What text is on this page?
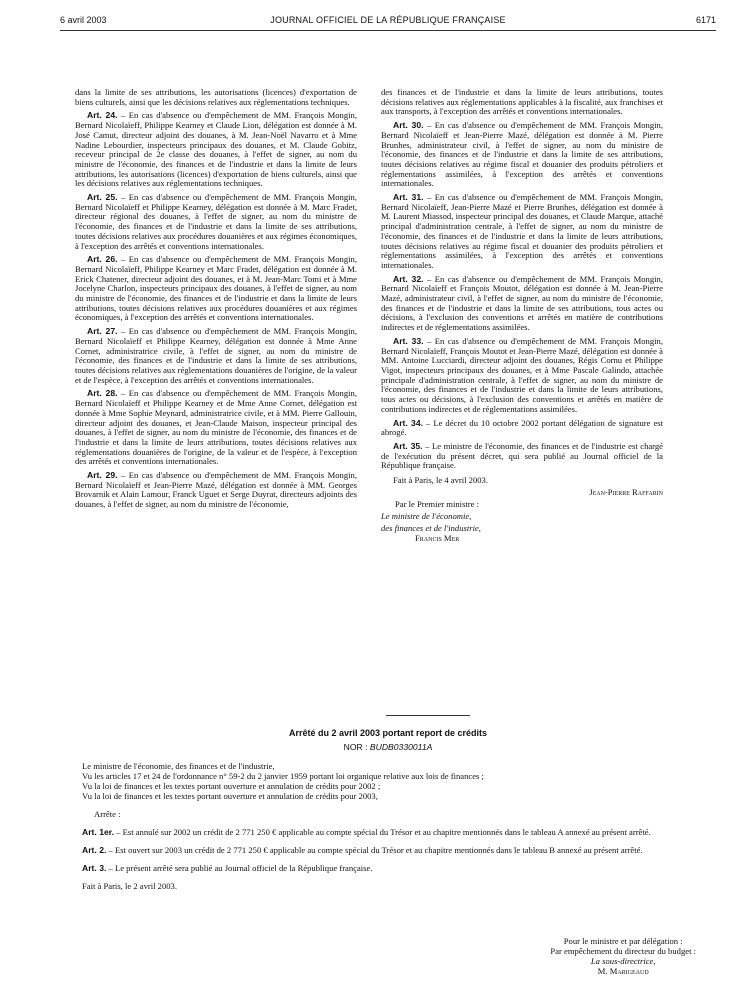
6 avril 2003	JOURNAL OFFICIEL DE LA RÉPUBLIQUE FRANÇAISE	6171

dans la limite de ses attributions, les autorisations (licences) d'exportation de biens culturels, ainsi que les décisions relatives aux réglementations techniques.

Art. 24. – En cas d'absence ou d'empêchement de MM. François Mongin, Bernard Nicolaïeff, Philippe Kearney et Claude Lion, délégation est donnée à M. José Camut, directeur adjoint des douanes, à M. Jean-Noël Navarro et à Mme Nadine Lebourdier, inspecteurs principaux des douanes, et M. Claude Gobitz, receveur principal de 2e classe des douanes, à l'effet de signer, au nom du ministre de l'économie, des finances et de l'industrie et dans la limite de leurs attributions, les autorisations (licences) d'exportation de biens culturels, ainsi que les décisions relatives aux réglementations techniques.

Art. 25. – En cas d'absence ou d'empêchement de MM. François Mongin, Bernard Nicolaïeff et Philippe Kearney, délégation est donnée à M. Marc Fradet, directeur régional des douanes, à l'effet de signer, au nom du ministre de l'économie, des finances et de l'industrie et dans la limite de ses attributions, toutes décisions relatives aux procédures douanières et aux régimes économiques, à l'exception des arrêtés et conventions internationales.

Art. 26. – En cas d'absence ou d'empêchement de MM. François Mongin, Bernard Nicolaïeff, Philippe Kearney et Marc Fradet, délégation est donnée à M. Erick Chatener, directeur adjoint des douanes, et à M. Jean-Marc Tomi et à Mme Jocelyne Charlon, inspecteurs principaux des douanes, à l'effet de signer, au nom du ministre de l'économie, des finances et de l'industrie et dans la limite de leurs attributions, toutes décisions relatives aux procédures douanières et aux régimes économiques, à l'exception des arrêtés et conventions internationales.

Art. 27. – En cas d'absence ou d'empêchement de MM. François Mongin, Bernard Nicolaïeff et Philippe Kearney, délégation est donnée à Mme Anne Cornet, administratrice civile, à l'effet de signer, au nom du ministre de l'économie, des finances et de l'industrie et dans la limite de ses attributions, toutes décisions relatives aux réglementations douanières de l'origine, de la valeur et de l'espèce, à l'exception des arrêtés et conventions internationales.

Art. 28. – En cas d'absence ou d'empêchement de MM. François Mongin, Bernard Nicolaïeff et Philippe Kearney et de Mme Anne Cornet, délégation est donnée à Mme Sophie Meynard, administratrice civile, et à MM. Pierre Gallouin, directeur adjoint des douanes, et Jean-Claude Maison, inspecteur principal des douanes, à l'effet de signer, au nom du ministre de l'économie, des finances et de l'industrie et dans la limite de leurs attributions, toutes décisions relatives aux réglementations douanières de l'origine, de la valeur et de l'espèce, à l'exception des arrêtés et conventions internationales.

Art. 29. – En cas d'absence ou d'empêchement de MM. François Mongin, Bernard Nicolaïeff et Jean-Pierre Mazé, délégation est donnée à MM. Georges Brovarnik et Alain Lamour, Franck Uguet et Serge Duyrat, directeurs adjoints des douanes, à l'effet de signer, au nom du ministre de l'économie,

des finances et de l'industrie et dans la limite de leurs attributions, toutes décisions relatives aux réglementations applicables à la fiscalité, aux franchises et aux transports, à l'exception des arrêtés et conventions internationales.

Art. 30. – En cas d'absence ou d'empêchement de MM. François Mongin, Bernard Nicolaïeff et Jean-Pierre Mazé, délégation est donnée à M. Pierre Brunhes, administrateur civil, à l'effet de signer, au nom du ministre de l'économie, des finances et de l'industrie et dans la limite de ses attributions, toutes décisions relatives au régime fiscal et douanier des produits pétroliers et réglementations assimilées, à l'exception des arrêtés et conventions internationales.

Art. 31. – En cas d'absence ou d'empêchement de MM. François Mongin, Bernard Nicolaïeff, Jean-Pierre Mazé et Pierre Brunhes, délégation est donnée à M. Laurent Miassod, inspecteur principal des douanes, et Claude Marque, attaché principal d'administration centrale, à l'effet de signer, au nom du ministre de l'économie, des finances et de l'industrie et dans la limite de leurs attributions, toutes décisions relatives au régime fiscal et douanier des produits pétroliers et réglementations assimilées, à l'exception des arrêtés et conventions internationales.

Art. 32. – En cas d'absence ou d'empêchement de MM. François Mongin, Bernard Nicolaïeff et François Moutot, délégation est donnée à M. Jean-Pierre Mazé, administrateur civil, à l'effet de signer, au nom du ministre de l'économie, des finances et de l'industrie et dans la limite de ses attributions, tous actes ou décisions, à l'exclusion des conventions et arrêtés en matière de contributions indirectes et de réglementations assimilées.

Art. 33. – En cas d'absence ou d'empêchement de MM. François Mongin, Bernard Nicolaïeff, François Moutot et Jean-Pierre Mazé, délégation est donnée à MM. Antoine Lucciardi, directeur adjoint des douanes, Régis Cornu et Philippe Vigot, inspecteurs principaux des douanes, et à Mme Pascale Galindo, attachée principale d'administration centrale, à l'effet de signer, au nom du ministre de l'économie, des finances et de l'industrie et dans la limite de leurs attributions, tous actes ou décisions, à l'exclusion des conventions et arrêtés en matière de contributions indirectes et de réglementations assimilées.

Art. 34. – Le décret du 10 octobre 2002 portant délégation de signature est abrogé.

Art. 35. – Le ministre de l'économie, des finances et de l'industrie est chargé de l'exécution du présent décret, qui sera publié au Journal officiel de la République française.

Fait à Paris, le 4 avril 2003.
Jean-Pierre Raffarin
Par le Premier ministre :
Le ministre de l'économie,
des finances et de l'industrie,
Francis Mer
Arrêté du 2 avril 2003 portant report de crédits
NOR : BUDB0330011A

Le ministre de l'économie, des finances et de l'industrie,

Vu les articles 17 et 24 de l'ordonnance n° 59-2 du 2 janvier 1959 portant loi organique relative aux lois de finances ;

Vu la loi de finances et les textes portant ouverture et annulation de crédits pour 2002 ;

Vu la loi de finances et les textes portant ouverture et annulation de crédits pour 2003,

Arrête :

Art. 1er. – Est annulé sur 2002 un crédit de 2 771 250 € applicable au compte spécial du Trésor et au chapitre mentionnés dans le tableau A annexé au présent arrêté.

Art. 2. – Est ouvert sur 2003 un crédit de 2 771 250 € applicable au compte spécial du Trésor et au chapitre mentionnés dans le tableau B annexé au présent arrêté.

Art. 3. – Le présent arrêté sera publié au Journal officiel de la République française.

Fait à Paris, le 2 avril 2003.

Pour le ministre et par délégation :
Par empêchement du directeur du budget :
La sous-directrice,
M. Marigeaud
